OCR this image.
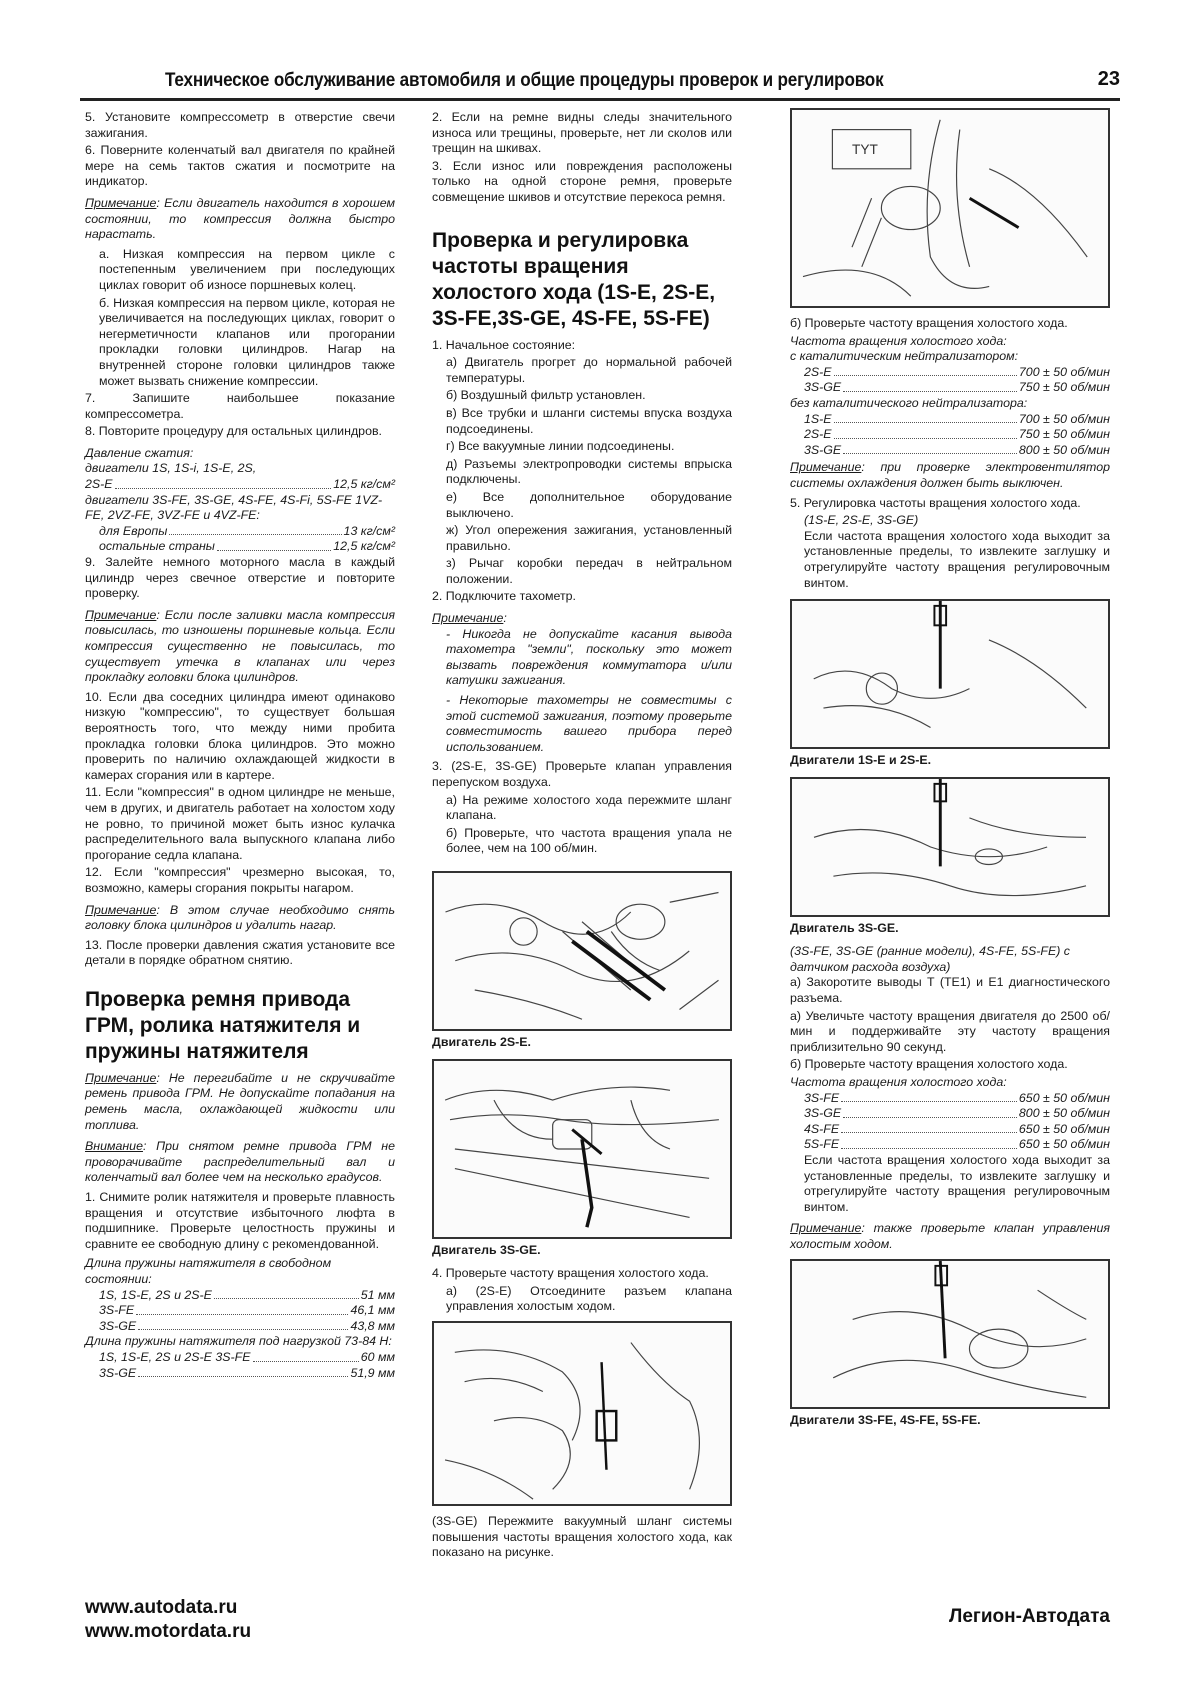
Техническое обслуживание автомобиля и общие процедуры проверок и регулировок	23

5. Установите компрессометр в отверстие свечи зажигания.

6. Поверните коленчатый вал двигателя по крайней мере на семь тактов сжатия и посмотрите на индикатор.

Примечание: Если двигатель находится в хорошем состоянии, то компрессия должна быстро нарастать.

а. Низкая компрессия на первом цикле с постепенным увеличением при последующих циклах говорит об износе поршневых колец.

б. Низкая компрессия на первом цикле, которая не увеличивается на последующих циклах, говорит о негерметичности клапанов или прогорании прокладки головки цилиндров. Нагар на внутренней стороне головки цилиндров также может вызвать снижение компрессии.

7. Запишите наибольшее показание компрессометра.

8. Повторите процедуру для остальных цилиндров.

Давление сжатия:
двигатели 1S, 1S-i, 1S-E, 2S,
2S-E	12,5 кг/см²
двигатели 3S-FE, 3S-GE, 4S-FE, 4S-Fi, 5S-FE 1VZ-FE, 2VZ-FE, 3VZ-FE и 4VZ-FE:
для Европы	13 кг/см²
остальные страны	12,5 кг/см²

9. Залейте немного моторного масла в каждый цилиндр через свечное отверстие и повторите проверку.

Примечание: Если после заливки масла компрессия повысилась, то изношены поршневые кольца. Если компрессия существенно не повысилась, то существует утечка в клапанах или через прокладку головки блока цилиндров.

10. Если два соседних цилиндра имеют одинаково низкую "компрессию", то существует большая вероятность того, что между ними пробита прокладка головки блока цилиндров. Это можно проверить по наличию охлаждающей жидкости в камерах сгорания или в картере.

11. Если "компрессия" в одном цилиндре не меньше, чем в других, и двигатель работает на холостом ходу не ровно, то причиной может быть износ кулачка распределительного вала выпускного клапана либо прогорание седла клапана.

12. Если "компрессия" чрезмерно высокая, то, возможно, камеры сгорания покрыты нагаром.

Примечание: В этом случае необходимо снять головку блока цилиндров и удалить нагар.

13. После проверки давления сжатия установите все детали в порядке обратном снятию.

Проверка ремня привода ГРМ, ролика натяжителя и пружины натяжителя

Примечание: Не перегибайте и не скручивайте ремень привода ГРМ. Не допускайте попадания на ремень масла, охлаждающей жидкости или топлива.

Внимание: При снятом ремне привода ГРМ не проворачивайте распределительный вал и коленчатый вал более чем на несколько градусов.

1. Снимите ролик натяжителя и проверьте плавность вращения и отсутствие избыточного люфта в подшипнике. Проверьте целостность пружины и сравните ее свободную длину с рекомендованной.

Длина пружины натяжителя в свободном состоянии:
1S, 1S-E, 2S и 2S-E	51 мм
3S-FE	46,1 мм
3S-GE	43,8 мм
Длина пружины натяжителя под нагрузкой 73-84 Н:
1S, 1S-E, 2S и 2S-E 3S-FE	60 мм
3S-GE	51,9 мм

2. Если на ремне видны следы значительного износа или трещины, проверьте, нет ли сколов или трещин на шкивах.

3. Если износ или повреждения расположены только на одной стороне ремня, проверьте совмещение шкивов и отсутствие перекоса ремня.

Проверка и регулировка частоты вращения холостого хода (1S-E, 2S-E, 3S-FE,3S-GE, 4S-FE, 5S-FE)

1. Начальное состояние:

а) Двигатель прогрет до нормальной рабочей температуры.

б) Воздушный фильтр установлен.

в) Все трубки и шланги системы впуска воздуха подсоединены.

г) Все вакуумные линии подсоединены.

д) Разъемы электропроводки системы впрыска подключены.

е) Все дополнительное оборудование выключено.

ж) Угол опережения зажигания, установленный правильно.

з) Рычаг коробки передач в нейтральном положении.

2. Подключите тахометр.

Примечание:

- Никогда не допускайте касания вывода тахометра "земли", поскольку это может вызвать повреждения коммутатора и/или катушки зажигания.

- Некоторые тахометры не совместимы с этой системой зажигания, поэтому проверьте совместимость вашего прибора перед использованием.

3. (2S-E, 3S-GE) Проверьте клапан управления перепуском воздуха.

а) На режиме холостого хода пережмите шланг клапана.

б) Проверьте, что частота вращения упала не более, чем на 100 об/мин.

Двигатель 2S-E.
Двигатель 3S-GE.

4. Проверьте частоту вращения холостого хода.

а) (2S-E) Отсоедините разъем клапана управления холостым ходом.

(3S-GE) Пережмите вакуумный шланг системы повышения частоты вращения холостого хода, как показано на рисунке.

TYT

б) Проверьте частоту вращения холостого хода.

Частота вращения холостого хода:
с каталитическим нейтрализатором:
2S-E	700 ± 50 об/мин
3S-GE	750 ± 50 об/мин
без каталитического нейтрализатора:
1S-E	700 ± 50 об/мин
2S-E	750 ± 50 об/мин
3S-GE	800 ± 50 об/мин

Примечание: при проверке электровентилятор системы охлаждения должен быть выключен.

5. Регулировка частоты вращения холостого хода.

(1S-E, 2S-E, 3S-GE)

Если частота вращения холостого хода выходит за установленные пределы, то извлеките заглушку и отрегулируйте частоту вращения регулировочным винтом.

Двигатели 1S-E и 2S-E.
Двигатель 3S-GE.
(3S-FE, 3S-GE (ранние модели), 4S-FE, 5S-FE) с датчиком расхода воздуха)

а) Закоротите выводы Т (ТЕ1) и Е1 диагностического разъема.

а) Увеличьте частоту вращения двигателя до 2500 об/мин и поддерживайте эту частоту вращения приблизительно 90 секунд.

б) Проверьте частоту вращения холостого хода.

Частота вращения холостого хода:
3S-FE	650 ± 50 об/мин
3S-GE	800 ± 50 об/мин
4S-FE	650 ± 50 об/мин
5S-FE	650 ± 50 об/мин

Если частота вращения холостого хода выходит за установленные пределы, то извлеките заглушку и отрегулируйте частоту вращения регулировочным винтом.

Примечание: также проверьте клапан управления холостым ходом.

Двигатели 3S-FE, 4S-FE, 5S-FE.
www.autodata.ru
www.motordata.ru
Легион-Автодата
